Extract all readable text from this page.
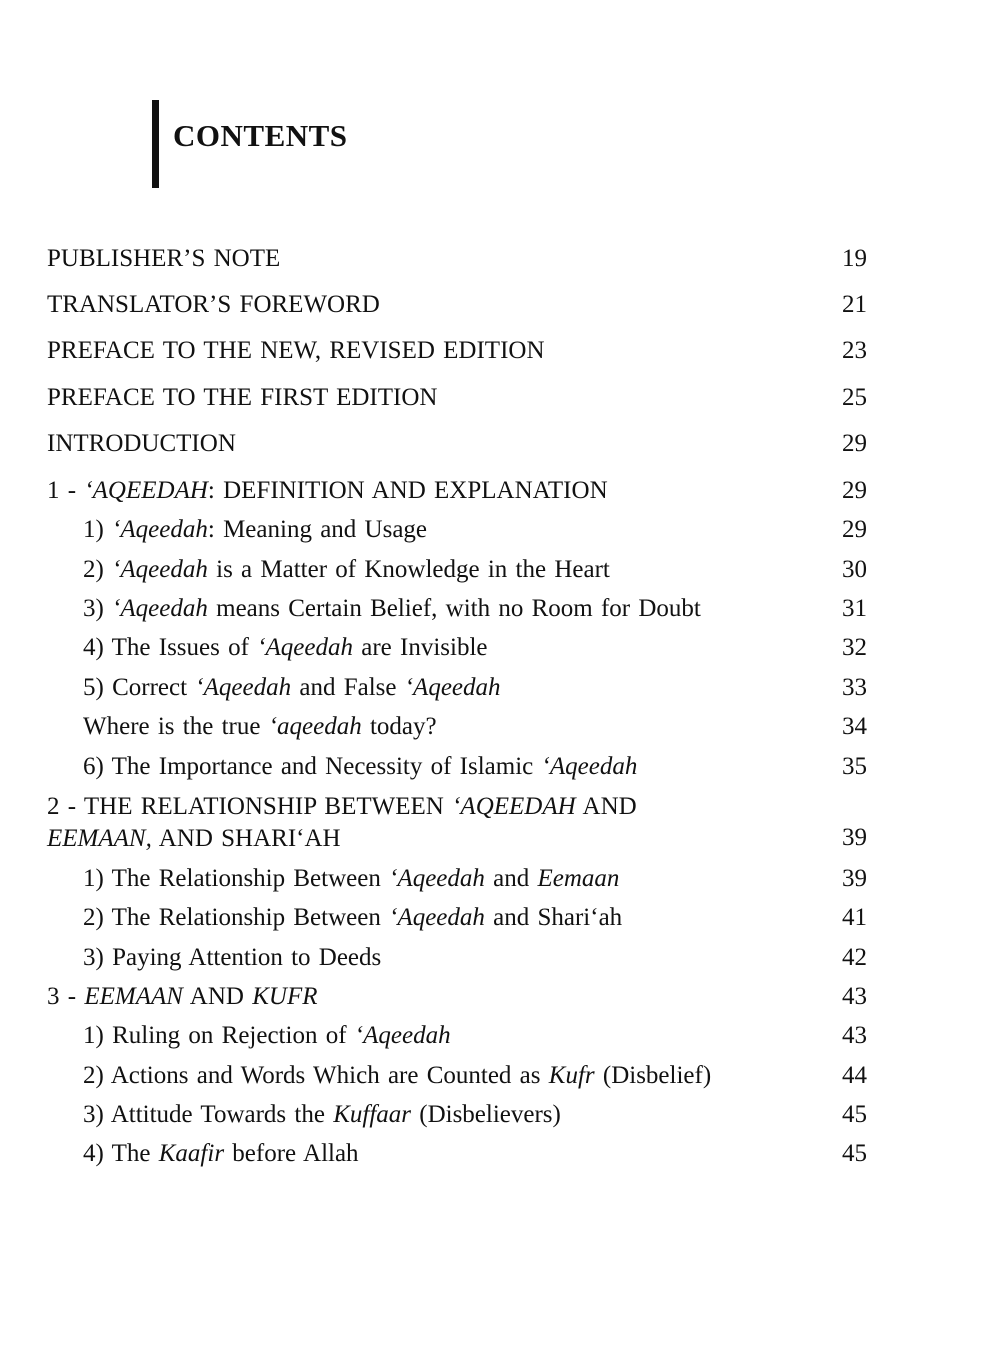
CONTENTS
PUBLISHER’S NOTE	19
TRANSLATOR’S FOREWORD	21
PREFACE TO THE NEW, REVISED EDITION	23
PREFACE TO THE FIRST EDITION	25
INTRODUCTION	29
1 - ‘AQEEDAH: DEFINITION AND EXPLANATION	29
1) ‘Aqeedah: Meaning and Usage	29
2) ‘Aqeedah is a Matter of Knowledge in the Heart	30
3) ‘Aqeedah means Certain Belief, with no Room for Doubt	31
4) The Issues of ‘Aqeedah are Invisible	32
5) Correct ‘Aqeedah and False ‘Aqeedah	33
Where is the true ‘aqeedah today?	34
6) The Importance and Necessity of Islamic ‘Aqeedah	35
2 - THE RELATIONSHIP BETWEEN ‘AQEEDAH AND
EEMAAN, AND SHARI‘AH	39
1) The Relationship Between ‘Aqeedah and Eemaan	39
2) The Relationship Between ‘Aqeedah and Shari‘ah	41
3) Paying Attention to Deeds	42
3 - EEMAAN AND KUFR	43
1) Ruling on Rejection of ‘Aqeedah	43
2) Actions and Words Which are Counted as Kufr (Disbelief)	44
3) Attitude Towards the Kuffaar (Disbelievers)	45
4) The Kaafir before Allah	45
